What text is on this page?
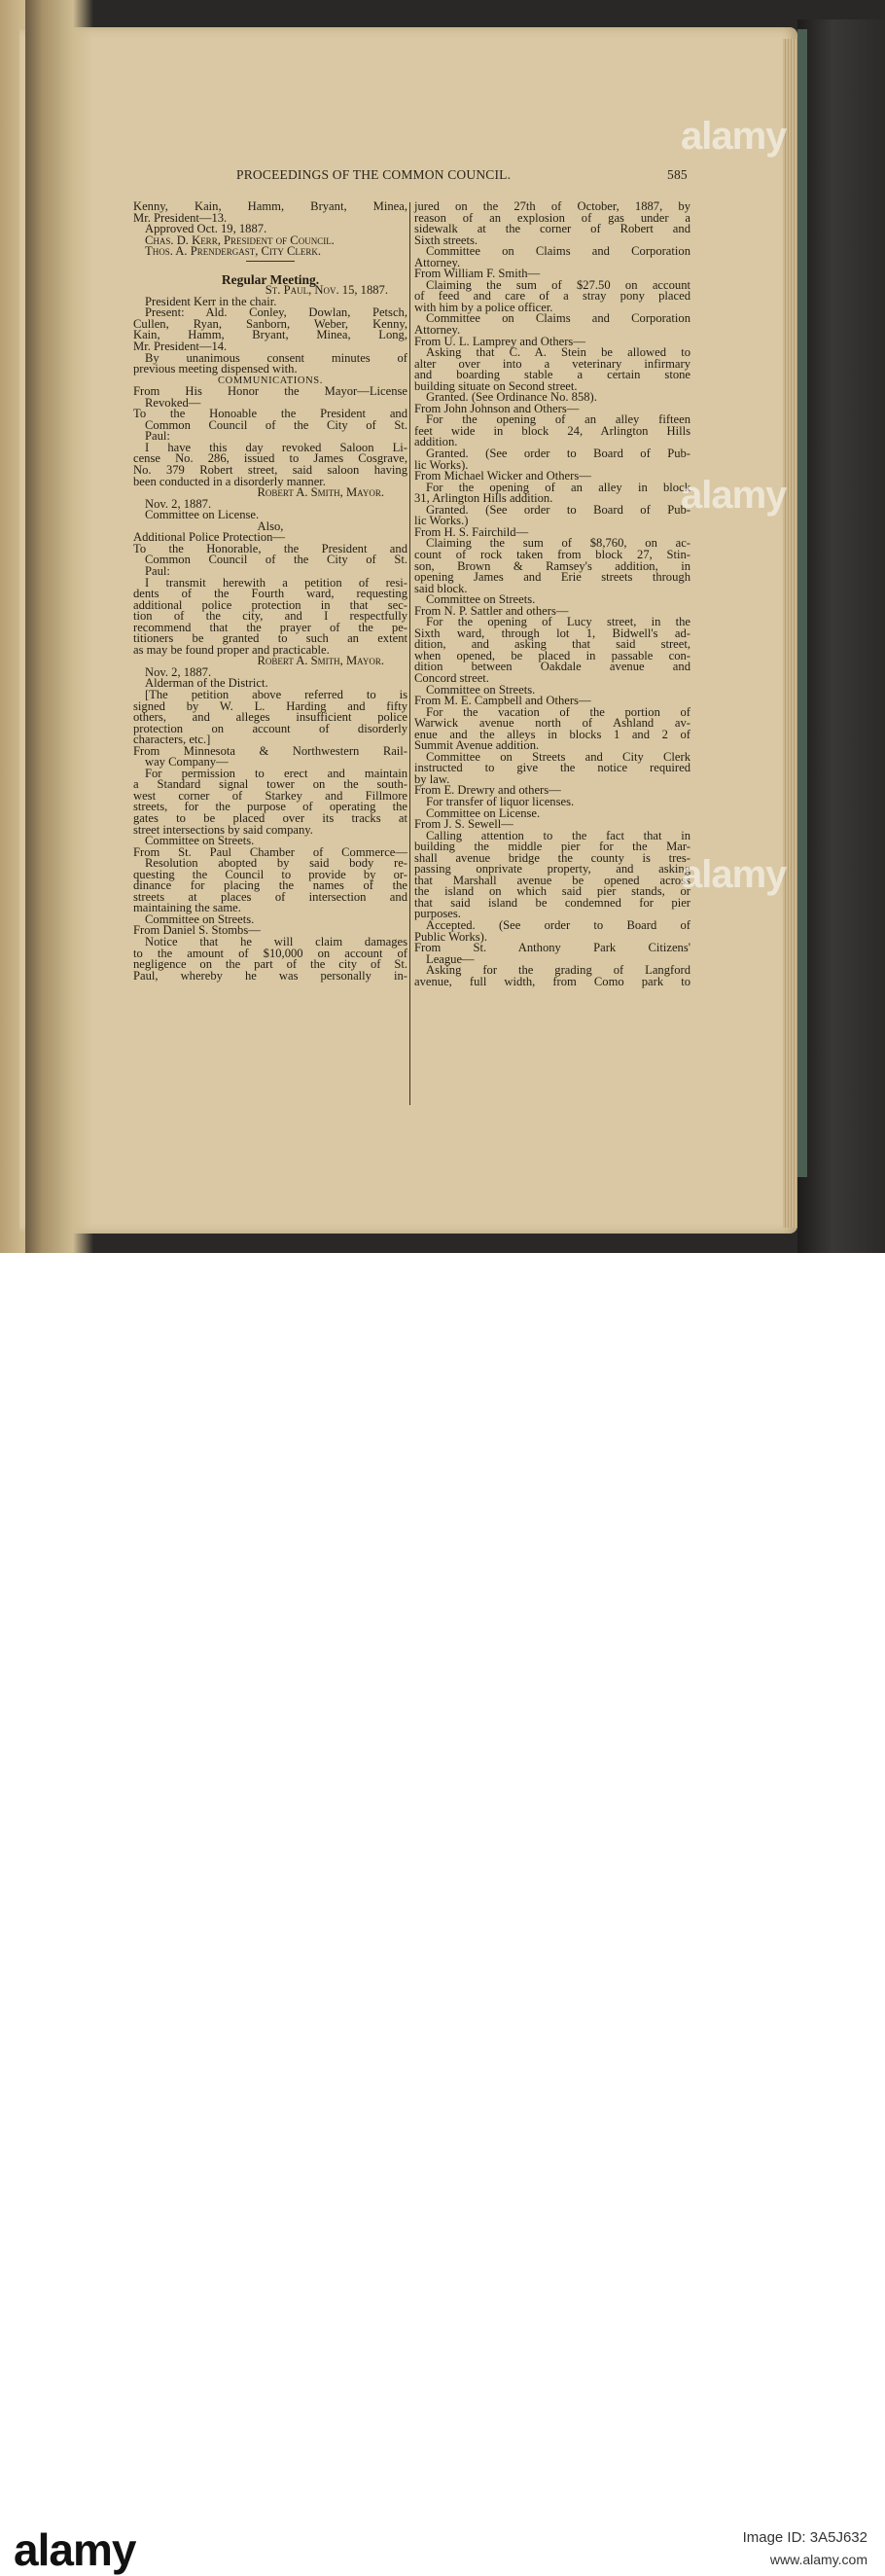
PROCEEDINGS OF THE COMMON COUNCIL.	585
Kenny, Kain, Hamm, Bryant, Minea,
Mr. President—13.
Approved Oct. 19, 1887.
Chas. D. Kerr, President of Council.
Thos. A. Prendergast, City Clerk.
Regular Meeting.
St. Paul, Nov. 15, 1887.
President Kerr in the chair.
Present: Ald. Conley, Dowlan, Petsch,
Cullen, Ryan, Sanborn, Weber, Kenny,
Kain, Hamm, Bryant, Minea, Long,
Mr. President—14.
By unanimous consent minutes of
previous meeting dispensed with.
COMMUNICATIONS.
From His Honor the Mayor—License
Revoked—
To the Honoable the President and
Common Council of the City of St.
Paul:
I have this day revoked Saloon Li-
cense No. 286, issued to James Cosgrave,
No. 379 Robert street, said saloon having
been conducted in a disorderly manner.
Robert A. Smith, Mayor.
Nov. 2, 1887.
Committee on License.
Also,
Additional Police Protection—
To the Honorable, the President and
Common Council of the City of St.
Paul:
I transmit herewith a petition of resi-
dents of the Fourth ward, requesting
additional police protection in that sec-
tion of the city, and I respectfully
recommend that the prayer of the pe-
titioners be granted to such an extent
as may be found proper and practicable.
Robert A. Smith, Mayor.
Nov. 2, 1887.
Alderman of the District.
[The petition above referred to is
signed by W. L. Harding and fifty
others, and alleges insufficient police
protection on account of disorderly
characters, etc.]
From Minnesota & Northwestern Rail-
way Company—
For permission to erect and maintain
a Standard signal tower on the south-
west corner of Starkey and Fillmore
streets, for the purpose of operating the
gates to be placed over its tracks at
street intersections by said company.
Committee on Streets.
From St. Paul Chamber of Commerce—
Resolution abopted by said body re-
questing the Council to provide by or-
dinance for placing the names of the
streets at places of intersection and
maintaining the same.
Committee on Streets.
From Daniel S. Stombs—
Notice that he will claim damages
to the amount of $10,000 on account of
negligence on the part of the city of St.
Paul, whereby he was personally in-
jured on the 27th of October, 1887, by
reason of an explosion of gas under a
sidewalk at the corner of Robert and
Sixth streets.
Committee on Claims and Corporation
Attorney.
From William F. Smith—
Claiming the sum of $27.50 on account
of feed and care of a stray pony placed
with him by a police officer.
Committee on Claims and Corporation
Attorney.
From U. L. Lamprey and Others—
Asking that C. A. Stein be allowed to
alter over into a veterinary infirmary
and boarding stable a certain stone
building situate on Second street.
Granted. (See Ordinance No. 858).
From John Johnson and Others—
For the opening of an alley fifteen
feet wide in block 24, Arlington Hills
addition.
Granted. (See order to Board of Pub-
lic Works).
From Michael Wicker and Others—
For the opening of an alley in block
31, Arlington Hills addition.
Granted. (See order to Board of Pub-
lic Works.)
From H. S. Fairchild—
Claiming the sum of $8,760, on ac-
count of rock taken from block 27, Stin-
son, Brown & Ramsey's addition, in
opening James and Erie streets through
said block.
Committee on Streets.
From N. P. Sattler and others—
For the opening of Lucy street, in the
Sixth ward, through lot 1, Bidwell's ad-
dition, and asking that said street,
when opened, be placed in passable con-
dition between Oakdale avenue and
Concord street.
Committee on Streets.
From M. E. Campbell and Others—
For the vacation of the portion of
Warwick avenue north of Ashland av-
enue and the alleys in blocks 1 and 2 of
Summit Avenue addition.
Committee on Streets and City Clerk
instructed to give the notice required
by law.
From E. Drewry and others—
For transfer of liquor licenses.
Committee on License.
From J. S. Sewell—
Calling attention to the fact that in
building the middle pier for the Mar-
shall avenue bridge the county is tres-
passing onprivate property, and asking
that Marshall avenue be opened across
the island on which said pier stands, or
that said island be condemned for pier
purposes.
Accepted. (See order to Board of
Public Works).
From St. Anthony Park Citizens'
League—
Asking for the grading of Langford
avenue, full width, from Como park to
alamy
alamy
alamy
alamy	Image ID: 3A5J632
www.alamy.com
